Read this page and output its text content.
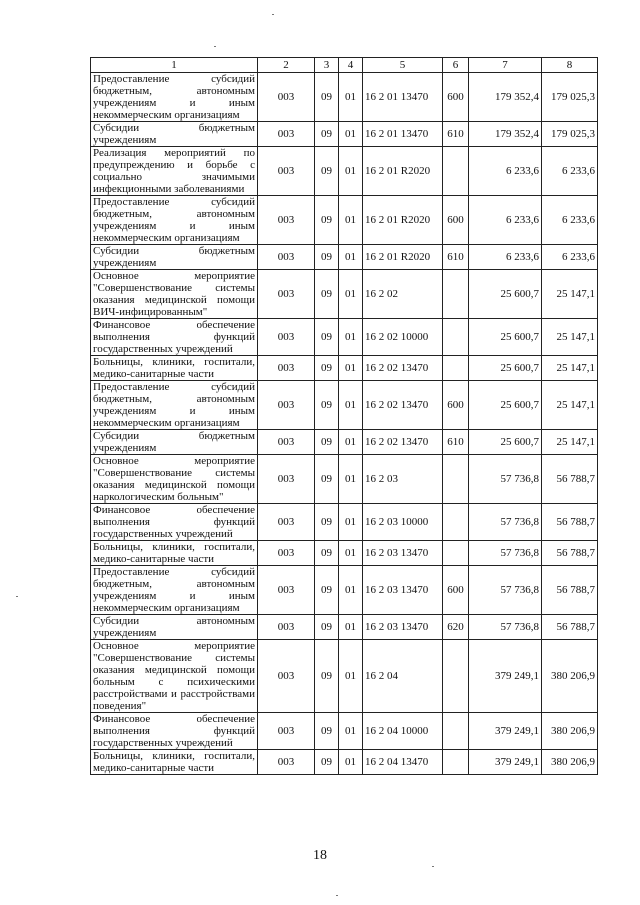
1	2	3	4	5	6	7	8
Предоставление субсидий бюджетным, автономным учреждениям и иным некоммерческим организациям	003	09	01	16 2 01 13470	600	179 352,4	179 025,3
Субсидии бюджетным учреждениям	003	09	01	16 2 01 13470	610	179 352,4	179 025,3
Реализация мероприятий по предупреждению и борьбе с социально значимыми инфекционными заболеваниями	003	09	01	16 2 01 R2020		6 233,6	6 233,6
Предоставление субсидий бюджетным, автономным учреждениям и иным некоммерческим организациям	003	09	01	16 2 01 R2020	600	6 233,6	6 233,6
Субсидии бюджетным учреждениям	003	09	01	16 2 01 R2020	610	6 233,6	6 233,6
Основное мероприятие "Совершенствование системы оказания медицинской помощи ВИЧ-инфицированным"	003	09	01	16 2 02		25 600,7	25 147,1
Финансовое обеспечение выполнения функций государственных учреждений	003	09	01	16 2 02 10000		25 600,7	25 147,1
Больницы, клиники, госпитали, медико-санитарные части	003	09	01	16 2 02 13470		25 600,7	25 147,1
Предоставление субсидий бюджетным, автономным учреждениям и иным некоммерческим организациям	003	09	01	16 2 02 13470	600	25 600,7	25 147,1
Субсидии бюджетным учреждениям	003	09	01	16 2 02 13470	610	25 600,7	25 147,1
Основное мероприятие "Совершенствование системы оказания медицинской помощи наркологическим больным"	003	09	01	16 2 03		57 736,8	56 788,7
Финансовое обеспечение выполнения функций государственных учреждений	003	09	01	16 2 03 10000		57 736,8	56 788,7
Больницы, клиники, госпитали, медико-санитарные части	003	09	01	16 2 03 13470		57 736,8	56 788,7
Предоставление субсидий бюджетным, автономным учреждениям и иным некоммерческим организациям	003	09	01	16 2 03 13470	600	57 736,8	56 788,7
Субсидии автономным учреждениям	003	09	01	16 2 03 13470	620	57 736,8	56 788,7
Основное мероприятие "Совершенствование системы оказания медицинской помощи больным с психическими расстройствами и расстройствами поведения"	003	09	01	16 2 04		379 249,1	380 206,9
Финансовое обеспечение выполнения функций государственных учреждений	003	09	01	16 2 04 10000		379 249,1	380 206,9
Больницы, клиники, госпитали, медико-санитарные части	003	09	01	16 2 04 13470		379 249,1	380 206,9
18
